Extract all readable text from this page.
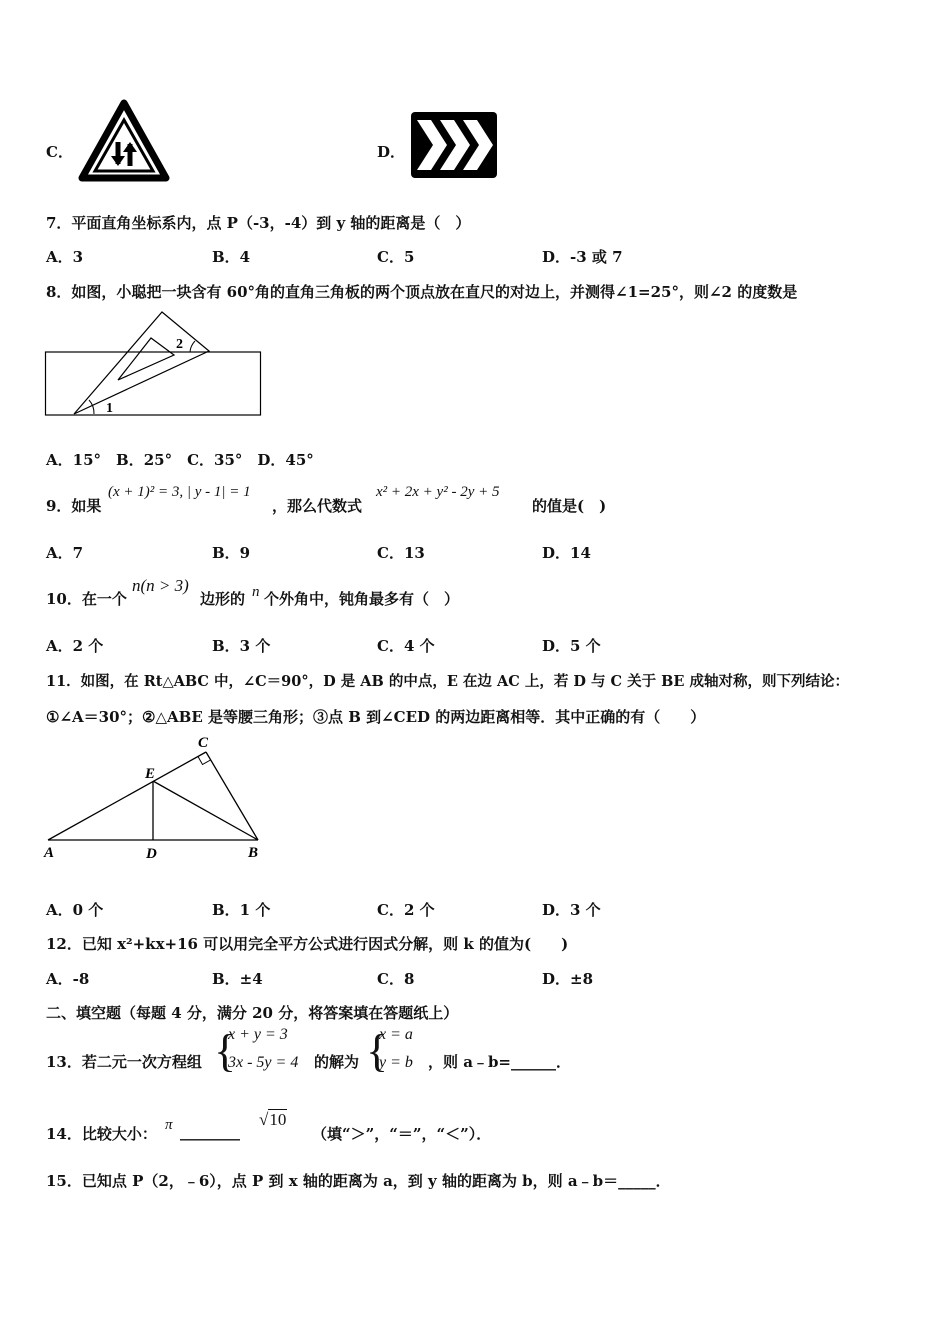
C．	D．
7．平面直角坐标系内，点 P（-3，-4）到 y 轴的距离是（　）
A．3	B．4	C．5	D．-3 或 7
8．如图，小聪把一块含有 60°角的直角三角板的两个顶点放在直尺的对边上，并测得∠1=25°，则∠2 的度数是
1
2
A．15°　B．25°　C．35°　D．45°
9．如果
(x + 1)² = 3, | y - 1| = 1
，那么代数式
x² + 2x + y² - 2y + 5
的值是(　)
A．7	B．9	C．13	D．14
10．在一个
n(n > 3)
边形的 n 个外角中，钝角最多有（　）
A．2 个	B．3 个	C．4 个	D．5 个
11．如图，在 Rt△ABC 中，∠C＝90°，D 是 AB 的中点，E 在边 AC 上，若 D 与 C 关于 BE 成轴对称，则下列结论：
①∠A＝30°；②△ABE 是等腰三角形；③点 B 到∠CED 的两边距离相等．其中正确的有（　　）
A	D	B
C
E
A．0 个	B．1 个	C．2 个	D．3 个
12．已知 x²+kx+16 可以用完全平方公式进行因式分解，则 k 的值为(　　)
A．-8	B．±4	C．8	D．±8
二、填空题（每题 4 分，满分 20 分，将答案填在答题纸上）
13．若二元一次方程组 {
x + y = 3
3x - 5y = 4 的解为 {
x = a
y = b ，则 a﹣b=______．
14．比较大小： π ________
√10
（填“＞”，“＝”，“＜”）．
15．已知点 P（2，﹣6），点 P 到 x 轴的距离为 a，到 y 轴的距离为 b，则 a﹣b＝_____．
